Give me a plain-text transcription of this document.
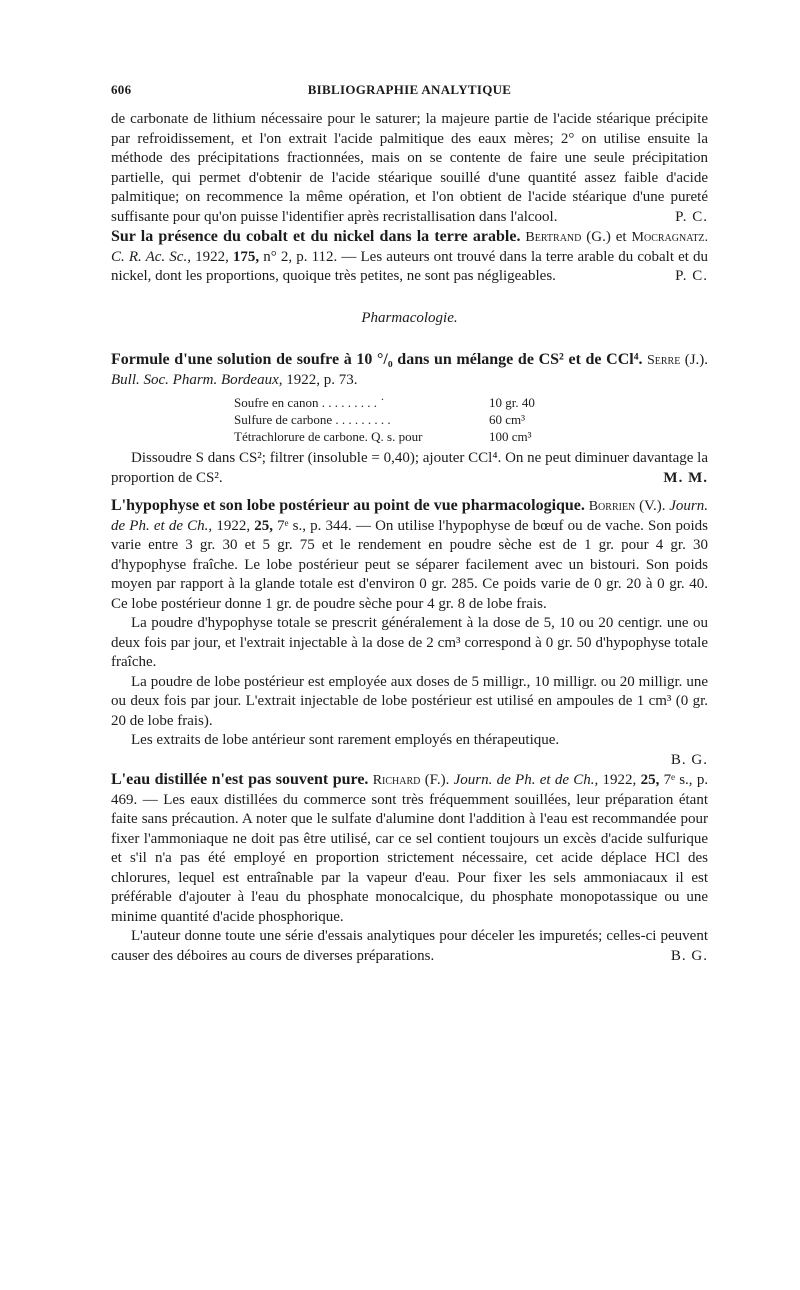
606	BIBLIOGRAPHIE ANALYTIQUE

de carbonate de lithium nécessaire pour le saturer; la majeure partie de l'acide stéarique précipite par refroidissement, et l'on extrait l'acide palmitique des eaux mères; 2° on utilise ensuite la méthode des précipitations fractionnées, mais on se contente de faire une seule précipitation partielle, qui permet d'obtenir de l'acide stéarique souillé d'une quantité assez faible d'acide palmitique; on recommence la même opération, et l'on obtient de l'acide stéarique d'une pureté suffisante pour qu'on puisse l'identifier après recristallisation dans l'alcool.	P. C.

Sur la présence du cobalt et du nickel dans la terre arable. Bertrand (G.) et Mocragnatz. C. R. Ac. Sc., 1922, 175, n° 2, p. 112. — Les auteurs ont trouvé dans la terre arable du cobalt et du nickel, dont les proportions, quoique très petites, ne sont pas négligeables.	P. C.

Pharmacologie.

Formule d'une solution de soufre à 10 °/₀ dans un mélange de CS² et de CCl⁴. Serre (J.). Bull. Soc. Pharm. Bordeaux, 1922, p. 73.

Soufre en canon . . . . . . . . . ˙	10 gr. 40
Sulfure de carbone . . . . . . . . .	60 cm³
Tétrachlorure de carbone. Q. s. pour	100 cm³

Dissoudre S dans CS²; filtrer (insoluble = 0,40); ajouter CCl⁴. On ne peut diminuer davantage la proportion de CS².	M. M.

L'hypophyse et son lobe postérieur au point de vue pharmacologique. Borrien (V.). Journ. de Ph. et de Ch., 1922, 25, 7ᵉ s., p. 344. — On utilise l'hypophyse de bœuf ou de vache. Son poids varie entre 3 gr. 30 et 5 gr. 75 et le rendement en poudre sèche est de 1 gr. pour 4 gr. 30 d'hypophyse fraîche. Le lobe postérieur peut se séparer facilement avec un bistouri. Son poids moyen par rapport à la glande totale est d'environ 0 gr. 285. Ce poids varie de 0 gr. 20 à 0 gr. 40. Ce lobe postérieur donne 1 gr. de poudre sèche pour 4 gr. 8 de lobe frais.

La poudre d'hypophyse totale se prescrit généralement à la dose de 5, 10 ou 20 centigr. une ou deux fois par jour, et l'extrait injectable à la dose de 2 cm³ correspond à 0 gr. 50 d'hypophyse totale fraîche.

La poudre de lobe postérieur est employée aux doses de 5 milligr., 10 milligr. ou 20 milligr. une ou deux fois par jour. L'extrait injectable de lobe postérieur est utilisé en ampoules de 1 cm³ (0 gr. 20 de lobe frais).

Les extraits de lobe antérieur sont rarement employés en thérapeutique.

B. G.

L'eau distillée n'est pas souvent pure. Richard (F.). Journ. de Ph. et de Ch., 1922, 25, 7ᵉ s., p. 469. — Les eaux distillées du commerce sont très fréquemment souillées, leur préparation étant faite sans précaution. A noter que le sulfate d'alumine dont l'addition à l'eau est recommandée pour fixer l'ammoniaque ne doit pas être utilisé, car ce sel contient toujours un excès d'acide sulfurique et s'il n'a pas été employé en proportion strictement nécessaire, cet acide déplace HCl des chlorures, lequel est entraînable par la vapeur d'eau. Pour fixer les sels ammoniacaux il est préférable d'ajouter à l'eau du phosphate monocalcique, du phosphate monopotassique ou une minime quantité d'acide phosphorique.

L'auteur donne toute une série d'essais analytiques pour déceler les impuretés; celles-ci peuvent causer des déboires au cours de diverses préparations.	B. G.
